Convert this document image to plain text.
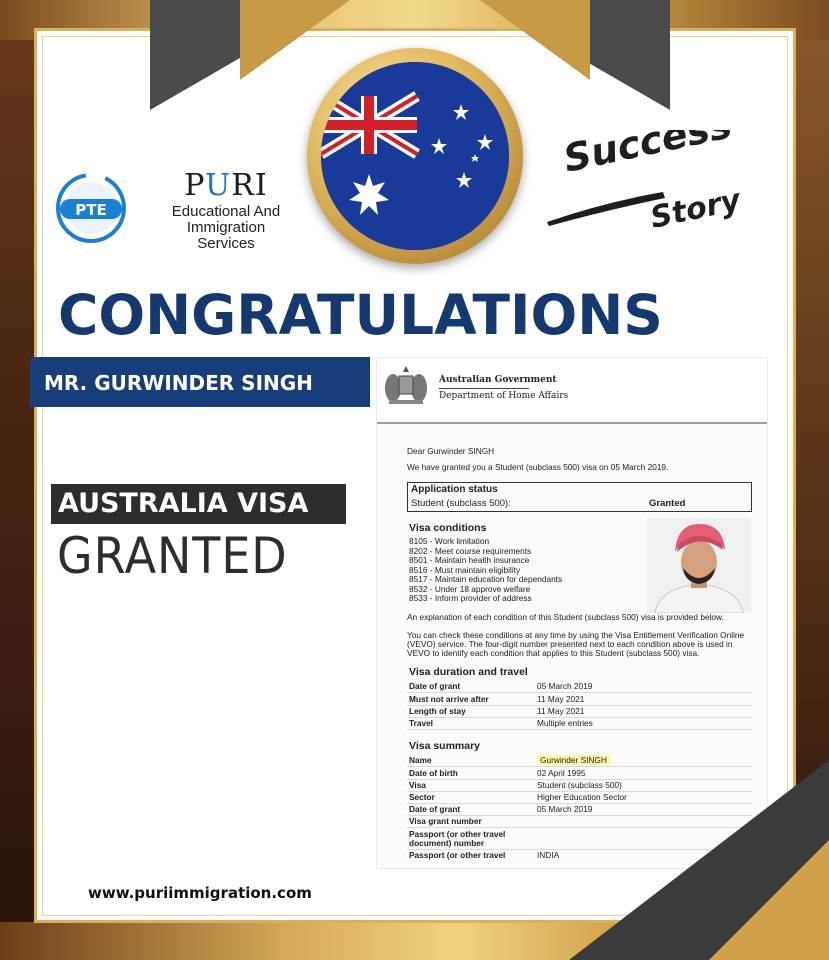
PTE
PURI
Educational And Immigration
Services
Success
Story
CONGRATULATIONS
MR. GURWINDER SINGH
AUSTRALIA VISA
GRANTED
Australian Government
Department of Home Affairs
Dear Gurwinder SINGH
We have granted you a Student (subclass 500) visa on 05 March 2019.
Application status
Student (subclass 500):	Granted
Visa conditions
8105 - Work limitation
8202 - Meet course requirements
8501 - Maintain health insurance
8516 - Must maintain eligibility
8517 - Maintain education for dependants
8532 - Under 18 approve welfare
8533 - Inform provider of address
An explanation of each condition of this Student (subclass 500) visa is provided below.
You can check these conditions at any time by using the Visa Entitlement Verification Online
(VEVO) service. The four-digit number presented next to each condition above is used in
VEVO to identify each condition that applies to this Student (subclass 500) visa.
Visa duration and travel
Date of grant	05 March 2019
Must not arrive after	11 May 2021
Length of stay	11 May 2021
Travel	Multiple entries
Visa summary
Name	Gurwinder SINGH
Date of birth	02 April 1995
Visa	Student (subclass 500)
Sector	Higher Education Sector
Date of grant	05 March 2019
Visa grant number
Passport (or other travel
document) number
Passport (or other travel	INDIA
www.puriimmigration.com
